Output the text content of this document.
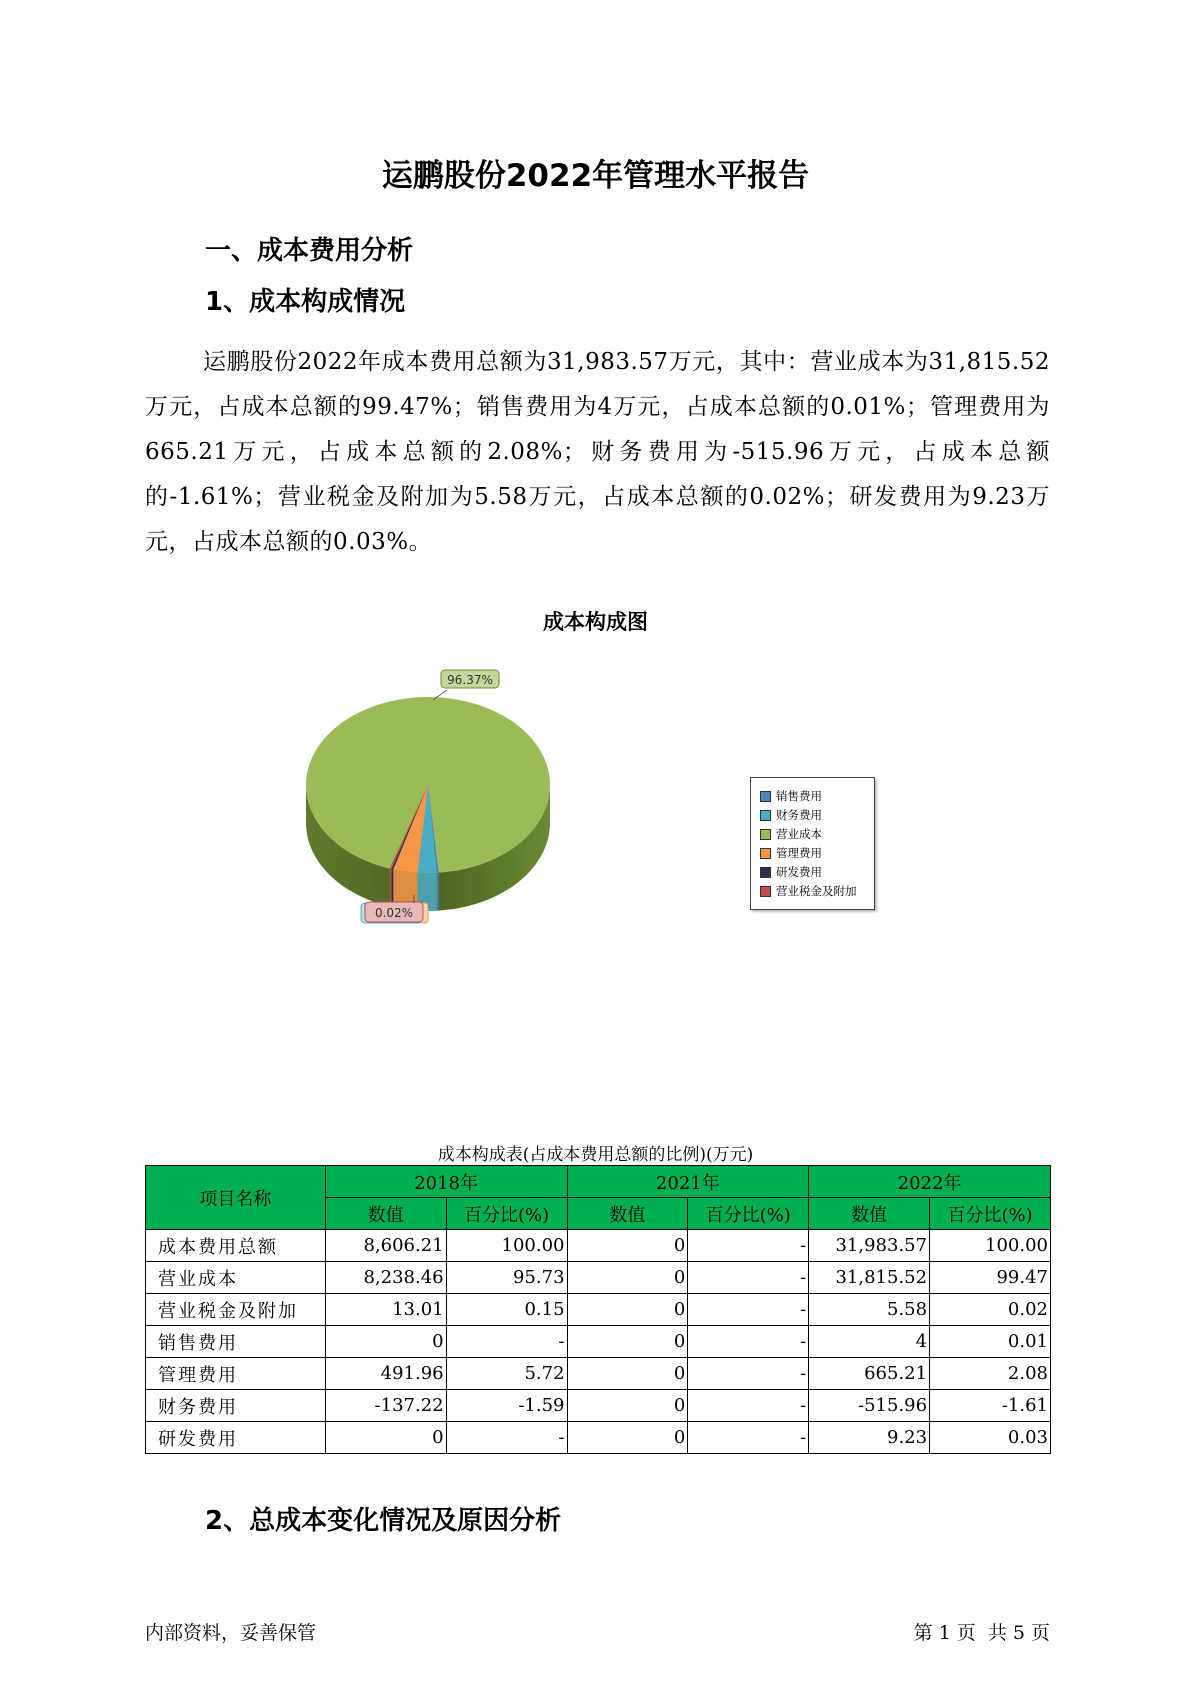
运鹏股份2022年管理水平报告
一、成本费用分析
1、成本构成情况
运鹏股份2022年成本费用总额为31,983.57万元，其中：营业成本为31,815.52万元，占成本总额的99.47%；销售费用为4万元，占成本总额的0.01%；管理费用为665.21万元，占成本总额的2.08%；财务费用为-515.96万元，占成本总额的-1.61%；营业税金及附加为5.58万元，占成本总额的0.02%；研发费用为9.23万元，占成本总额的0.03%。
成本构成图
96.37%
0.02%
销售费用
财务费用
营业成本
管理费用
研发费用
营业税金及附加
成本构成表(占成本费用总额的比例)(万元)
项目名称	2018年		2021年		2022年	
	数值	百分比(%)	数值	百分比(%)	数值	百分比(%)
成本费用总额	8,606.21	100.00	0	-	31,983.57	100.00
营业成本	8,238.46	95.73	0	-	31,815.52	99.47
营业税金及附加	13.01	0.15	0	-	5.58	0.02
销售费用	0	-	0	-	4	0.01
管理费用	491.96	5.72	0	-	665.21	2.08
财务费用	-137.22	-1.59	0	-	-515.96	-1.61
研发费用	0	-	0	-	9.23	0.03
2、总成本变化情况及原因分析
内部资料，妥善保管	第 1 页  共 5 页
